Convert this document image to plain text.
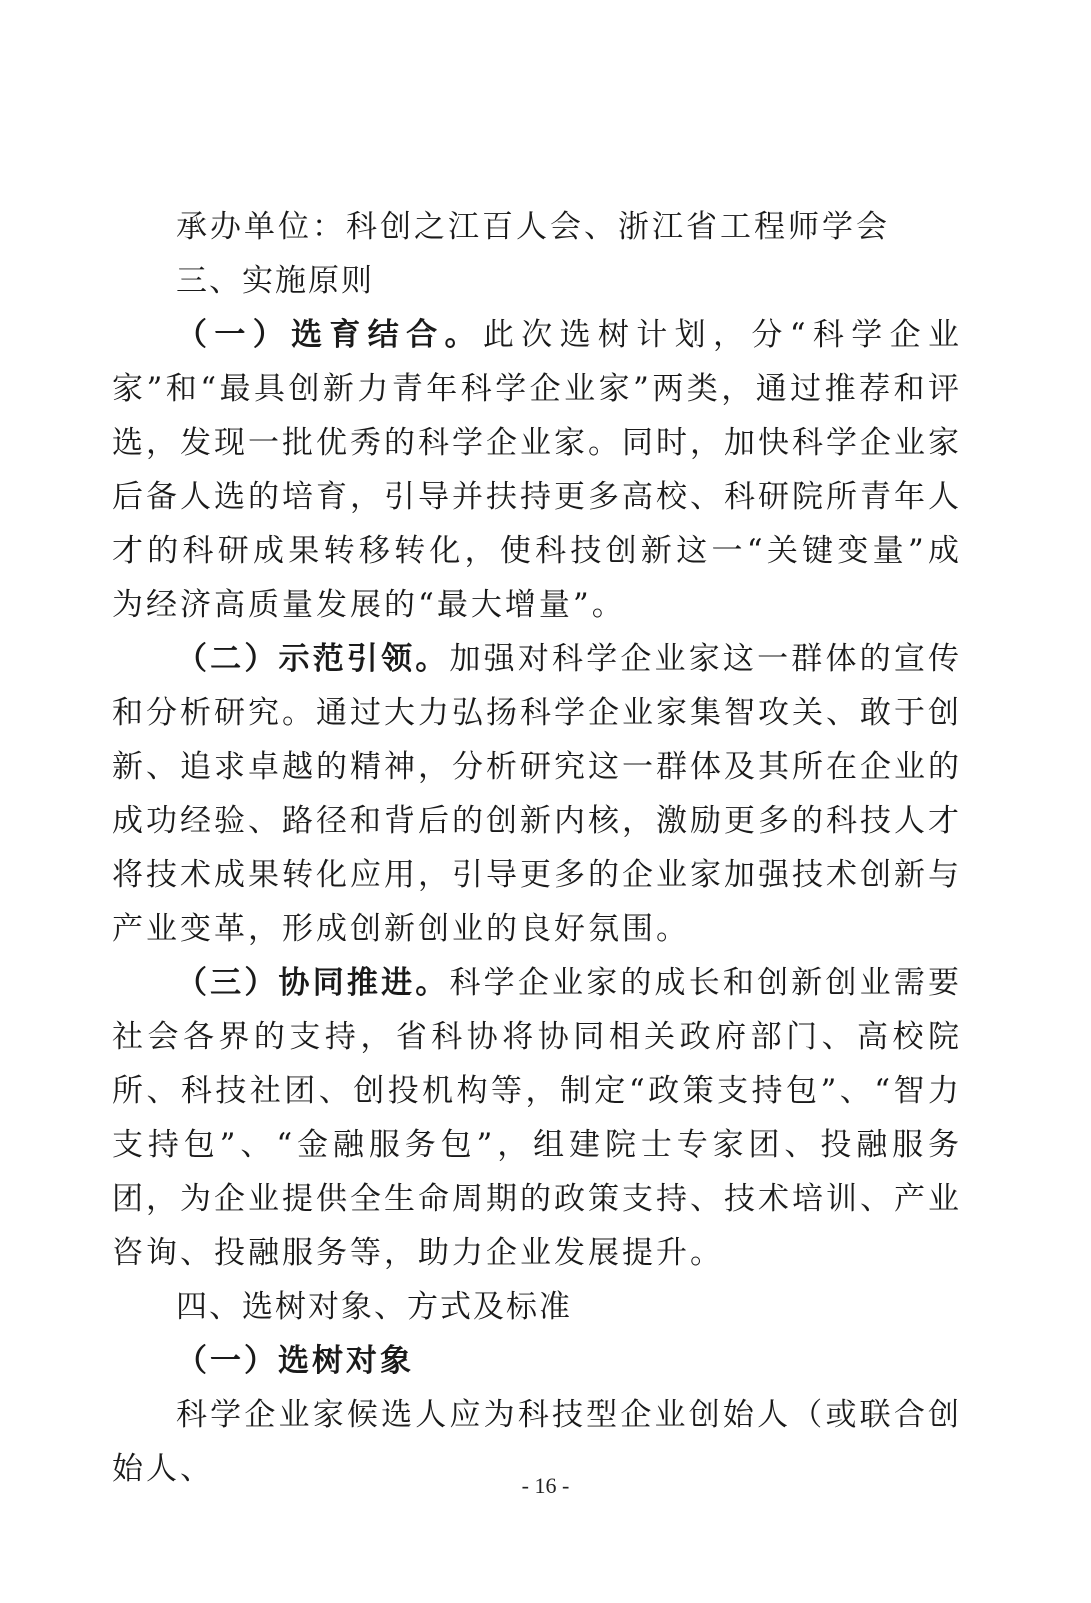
承办单位：科创之江百人会、浙江省工程师学会

三、实施原则

（一）选育结合。此次选树计划，分“科学企业家”和“最具创新力青年科学企业家”两类，通过推荐和评选，发现一批优秀的科学企业家。同时，加快科学企业家后备人选的培育，引导并扶持更多高校、科研院所青年人才的科研成果转移转化，使科技创新这一“关键变量”成为经济高质量发展的“最大增量”。

（二）示范引领。加强对科学企业家这一群体的宣传和分析研究。通过大力弘扬科学企业家集智攻关、敢于创新、追求卓越的精神，分析研究这一群体及其所在企业的成功经验、路径和背后的创新内核，激励更多的科技人才将技术成果转化应用，引导更多的企业家加强技术创新与产业变革，形成创新创业的良好氛围。

（三）协同推进。科学企业家的成长和创新创业需要社会各界的支持，省科协将协同相关政府部门、高校院所、科技社团、创投机构等，制定“政策支持包”、“智力支持包”、“金融服务包”，组建院士专家团、投融服务团，为企业提供全生命周期的政策支持、技术培训、产业咨询、投融服务等，助力企业发展提升。

四、选树对象、方式及标准
（一）选树对象

科学企业家候选人应为科技型企业创始人（或联合创始人、	- 16 -
